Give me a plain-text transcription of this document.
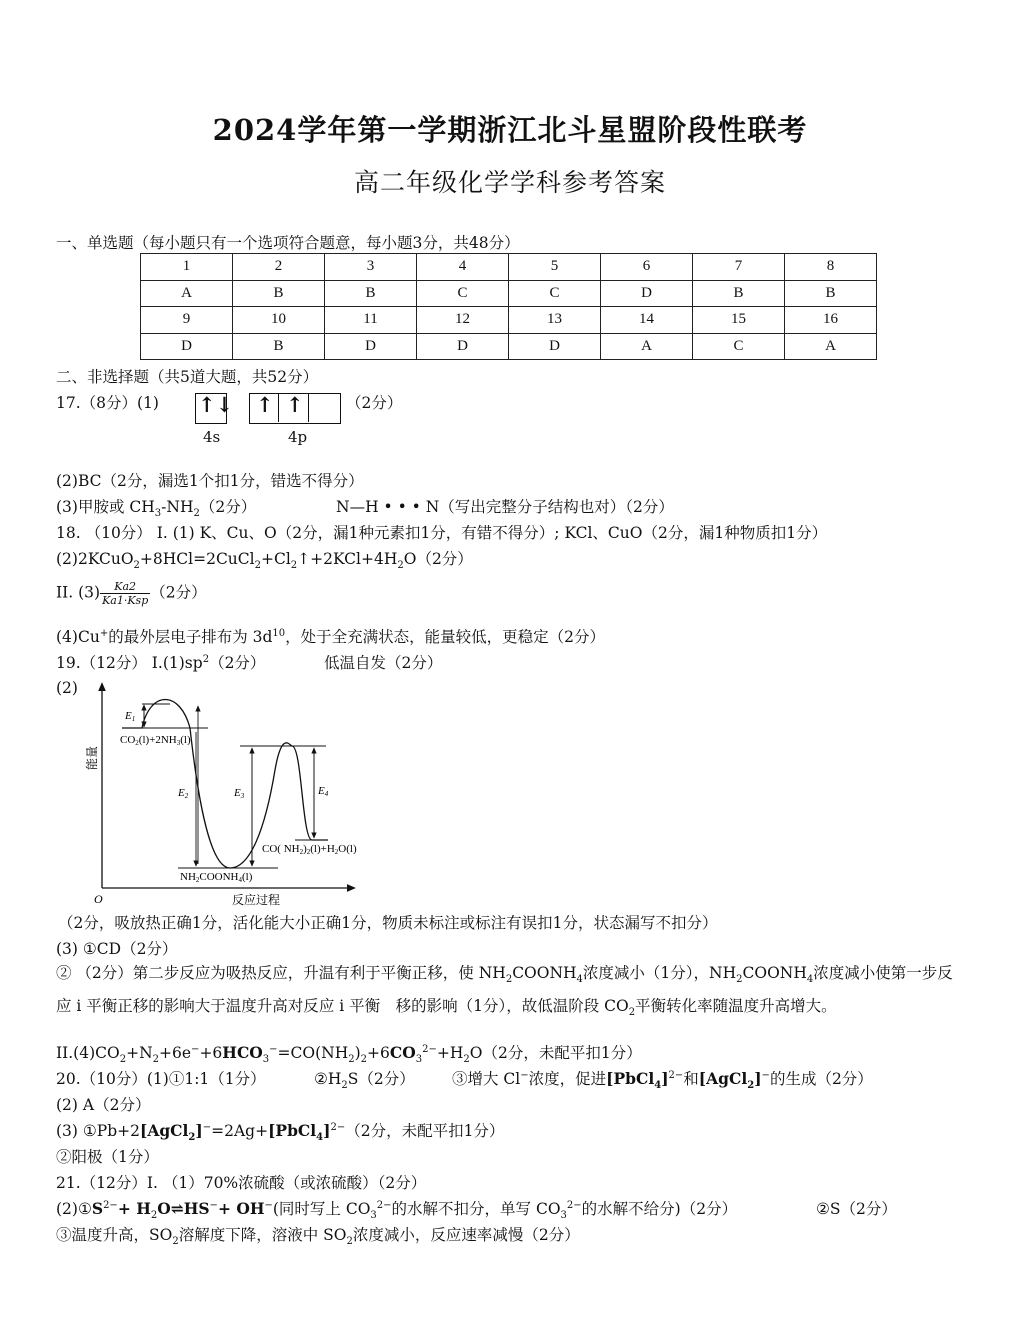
2024学年第一学期浙江北斗星盟阶段性联考
高二年级化学学科参考答案
一、单选题（每小题只有一个选项符合题意，每小题3分，共48分）
1	2	3	4	5	6	7	8
A	B	B	C	C	D	B	B
9	10	11	12	13	14	15	16
D	B	D	D	D	A	C	A
二、非选择题（共5道大题，共52分）
17.（8分）(1) ↑↓ ↑ ↑	（2分）
4s	4p
(2)BC（2分，漏选1个扣1分，错选不得分）
(3)甲胺或 $CH_3-NH_2(2$分）	N—H • • • N（写出完整分子结构也对）（2分）
18. （10分） I. (1) K、Cu、O（2分，漏1种元素扣1分，有错不得分）; KCl、CuO（2分，漏1种物质扣1分）
$(2)2KCuO_2+8HCl=2CuCl_2+Cl_2↑+2KCl+4H_2O(2$分）
II. $(3) \frac{Ka2}{\text{Ka1·Ksp}} (2$分）
(4)Cu+的最外层电子排布为 $3d^{10}$，处于全充满状态，能量较低，更稳定（2分）
19.（12分） $I.(1)sp^2(2$分）	低温自发（2分）
(2)
O	反应过程
能量
E1
E2	E3	E4
CO2(l)+2NH3(l)
NH2COONH4(l)
CO( NH2)2(l)+H2O(l)
（2分，吸放热正确1分，活化能大小正确1分，物质未标注或标注有误扣1分，状态漏写不扣分）
(3) ①CD（2分）
② （2分）第二步反应为吸热反应，升温有利于平衡正移，使 $NH_2COONH_4$浓度减小（1分），$NH_2COONH_4$浓度减小使第一步反应 i 平衡正移的影响大于温度升高对反应 i 平衡　移的影响（1分），故低温阶段 $CO_2$平衡转化率随温度升高增大。
$II.(4)CO_2+N_2+6e^-+6HCO_3^-=CO(NH_2)_2+6CO_3^{2-}+H_2O(2$分，未配平扣1分）
20.（10分）(1)①1:1（1分）	$②H_2S(2$分） ③增大 Cl−浓度，促进[PbCl$_4$]$^{2-}$和[AgCl$_2$]−的生成（2分）
(2) A（2分）
(3) ①Pb+2[AgCl$_2$]−=2Ag+[PbCl$_4$]$^{2-}$（2分，未配平扣1分）
②阳极（1分）
21.（12分）I. （1）70%浓硫酸（或浓硫酸）（2分）
$(2)①S^{2-}+$ $H_2O\rightleftharpoons HS^-+ OH^-$(同时写上 $CO_3^{2-}$的水解不扣分，单写 $CO_3^{2-}$的水解不给分)（2分）	②S（2分）
③温度升高，$SO_2$溶解度下降，溶液中 $SO_2$浓度减小，反应速率减慢（2分）
